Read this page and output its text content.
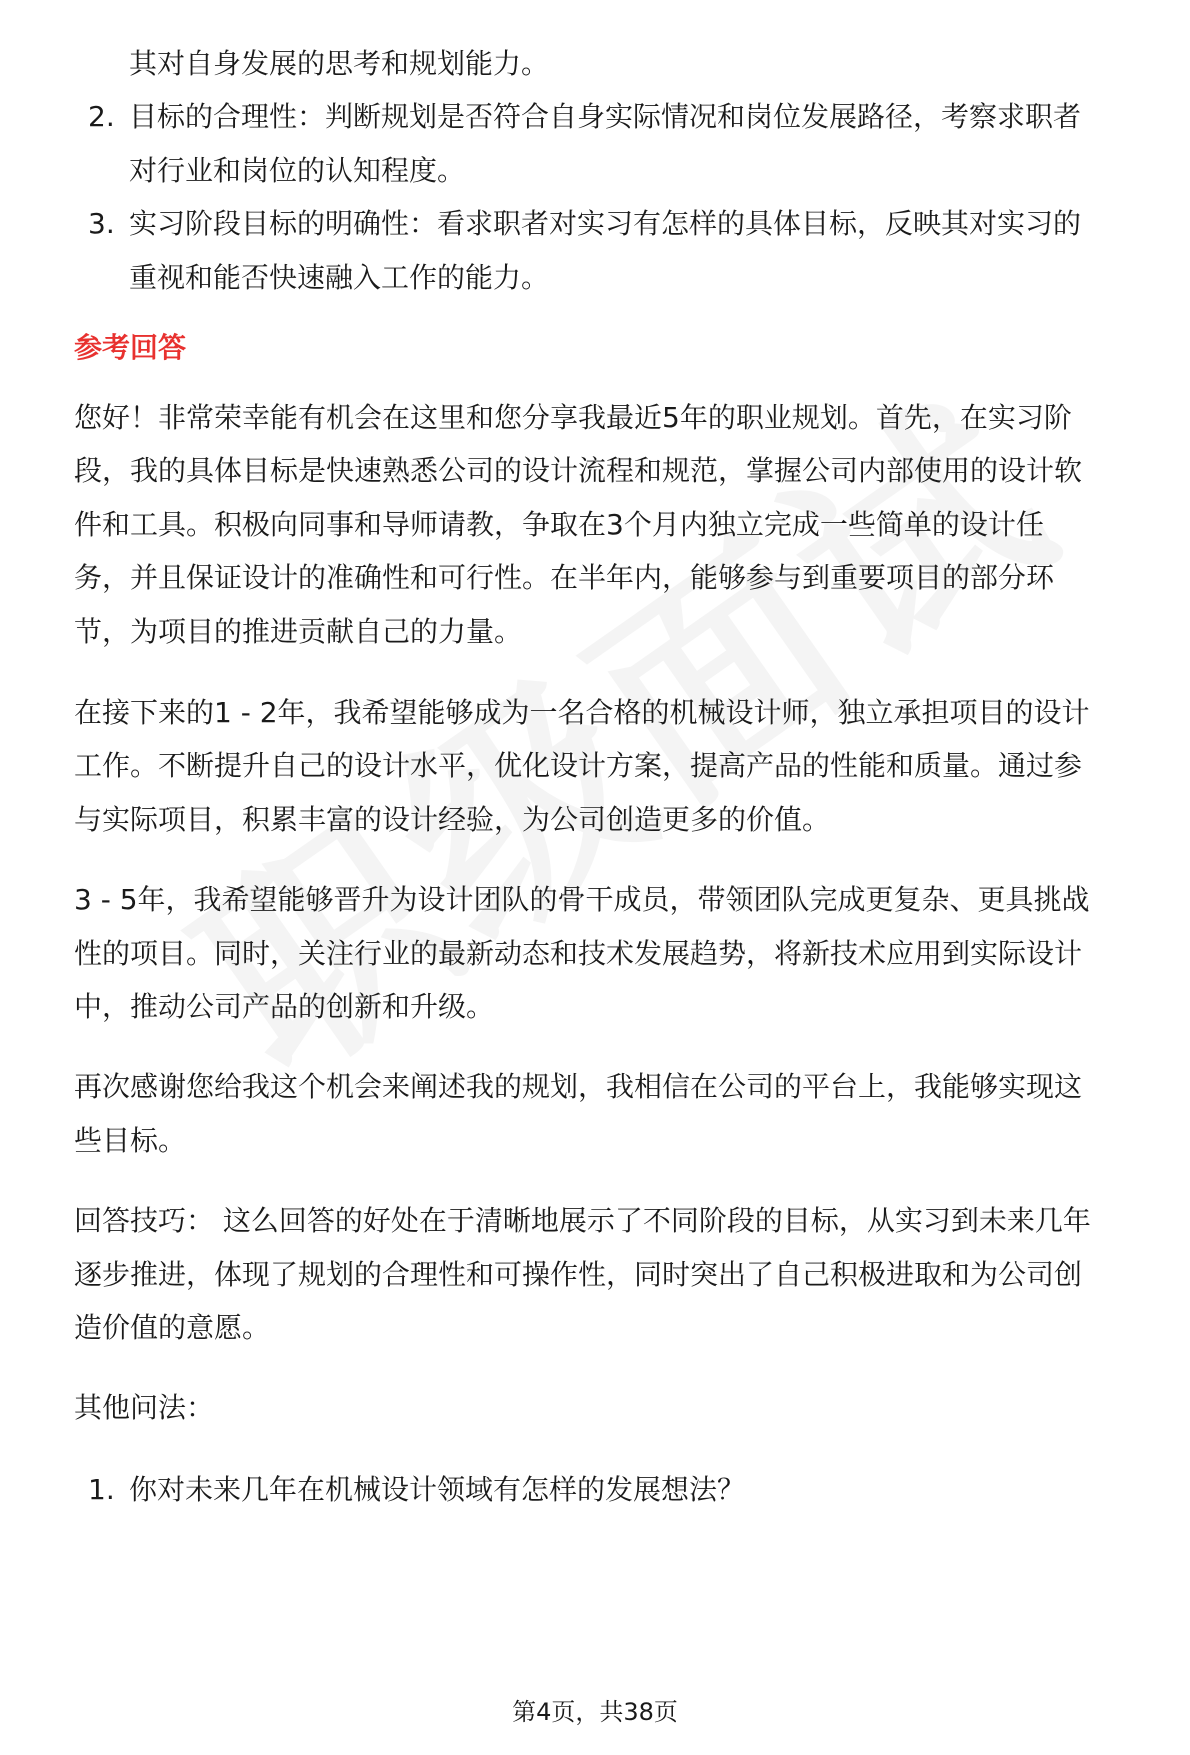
其对自身发展的思考和规划能力。
2. 目标的合理性：判断规划是否符合自身实际情况和岗位发展路径，考察求职者
对行业和岗位的认知程度。
3. 实习阶段目标的明确性：看求职者对实习有怎样的具体目标，反映其对实习的
重视和能否快速融入工作的能力。
参考回答
您好！非常荣幸能有机会在这里和您分享我最近5年的职业规划。首先，在实习阶
段，我的具体目标是快速熟悉公司的设计流程和规范，掌握公司内部使用的设计软
件和工具。积极向同事和导师请教，争取在3个月内独立完成一些简单的设计任
务，并且保证设计的准确性和可行性。在半年内，能够参与到重要项目的部分环
节，为项目的推进贡献自己的力量。
在接下来的1 - 2年，我希望能够成为一名合格的机械设计师，独立承担项目的设计
工作。不断提升自己的设计水平，优化设计方案，提高产品的性能和质量。通过参
与实际项目，积累丰富的设计经验，为公司创造更多的价值。
3 - 5年，我希望能够晋升为设计团队的骨干成员，带领团队完成更复杂、更具挑战
性的项目。同时，关注行业的最新动态和技术发展趋势，将新技术应用到实际设计
中，推动公司产品的创新和升级。
再次感谢您给我这个机会来阐述我的规划，我相信在公司的平台上，我能够实现这
些目标。
回答技巧： 这么回答的好处在于清晰地展示了不同阶段的目标，从实习到未来几年
逐步推进，体现了规划的合理性和可操作性，同时突出了自己积极进取和为公司创
造价值的意愿。
其他问法：
1. 你对未来几年在机械设计领域有怎样的发展想法？
第4页，共38页
